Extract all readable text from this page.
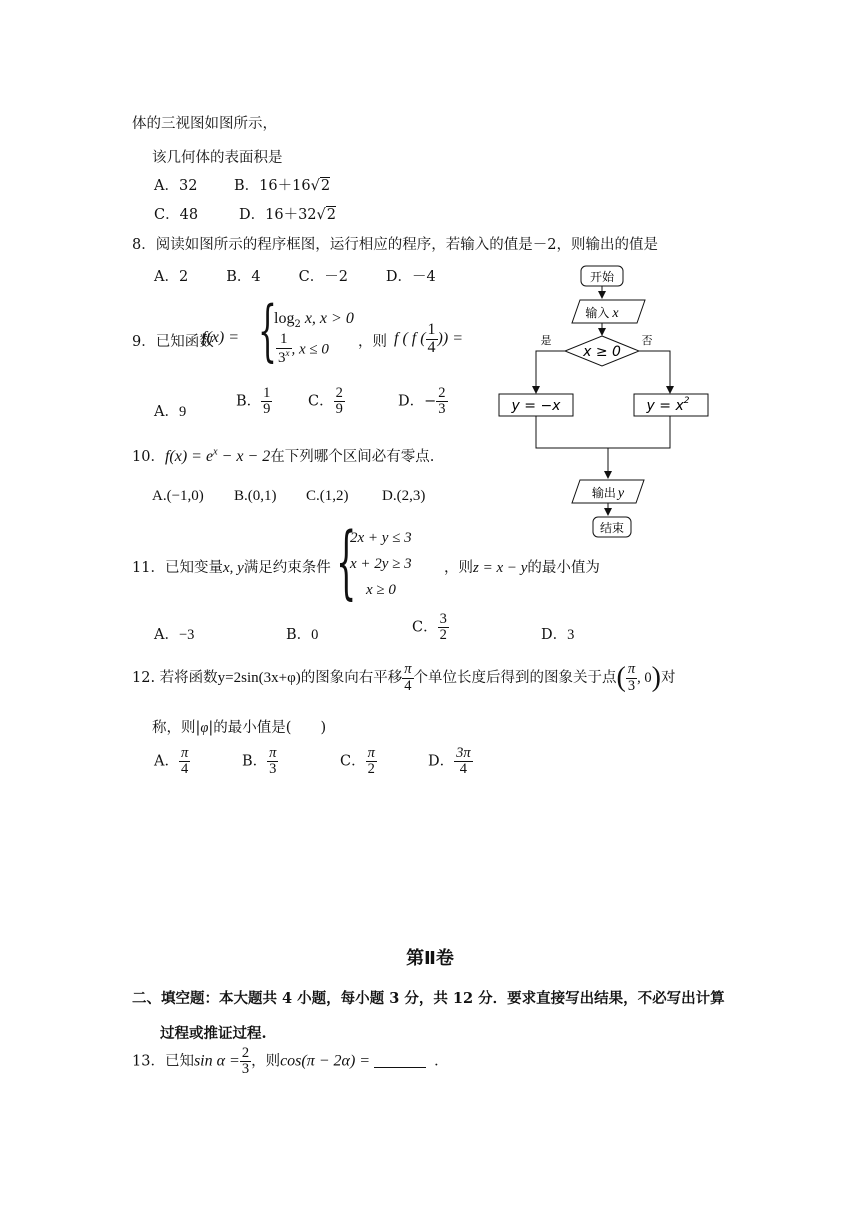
体的三视图如图所示，
该几何体的表面积是
A．32	B．16＋16√2
C．48	D．16＋32√2
8．阅读如图所示的程序框图，运行相应的程序，若输入的值是－2，则输出的值是
A．2	B．4	C．－2	D．－4	开始
输入 x
x ≥ 0
是	否
y = −x	$y = x^2$
输出 y
结束
9．已知函数
f(x) = {
$\log_2 x$, x > 0
$\frac{1}{3^x}$ , x ≤ 0 ，则 f ( f ( $\frac{1}{4}$ )) =
A．9B． $\frac{1}{9}$ C． $\frac{2}{9}$	D．− $\frac{2}{3}$
10．$f(x) = e^x - x - 2$在下列哪个区间必有零点.
A.(−1,0) B.(0,1) C.(1,2) D.(2,3)
11．已知变量x, y满足约束条件 {
2x + y ≤ 3
x + 2y ≥ 3
x ≥ 0
，则z = x − y的最小值为
A．−3	B．0	C． $\frac{3}{2}$	D．3
12. 若将函数y=2sin(3x+φ)的图象向右平移 $\frac{\pi}{4}$ 个单位长度后得到的图象关于点( $\frac{\pi}{3}$ , 0)对
称，则|φ|的最小值是(　　)
A． $\frac{\pi}{4}$	B． $\frac{\pi}{3}$	C． $\frac{\pi}{2}$	D． $\frac{3\pi}{4}$
第Ⅱ卷
二、填空题：本大题共 4 小题，每小题 3 分，共 12 分．要求直接写出结果，不必写出计算
过程或推证过程.
13．已知$\sin \alpha = \frac{2}{3}$ ，则cos(π − 2α) =	．
